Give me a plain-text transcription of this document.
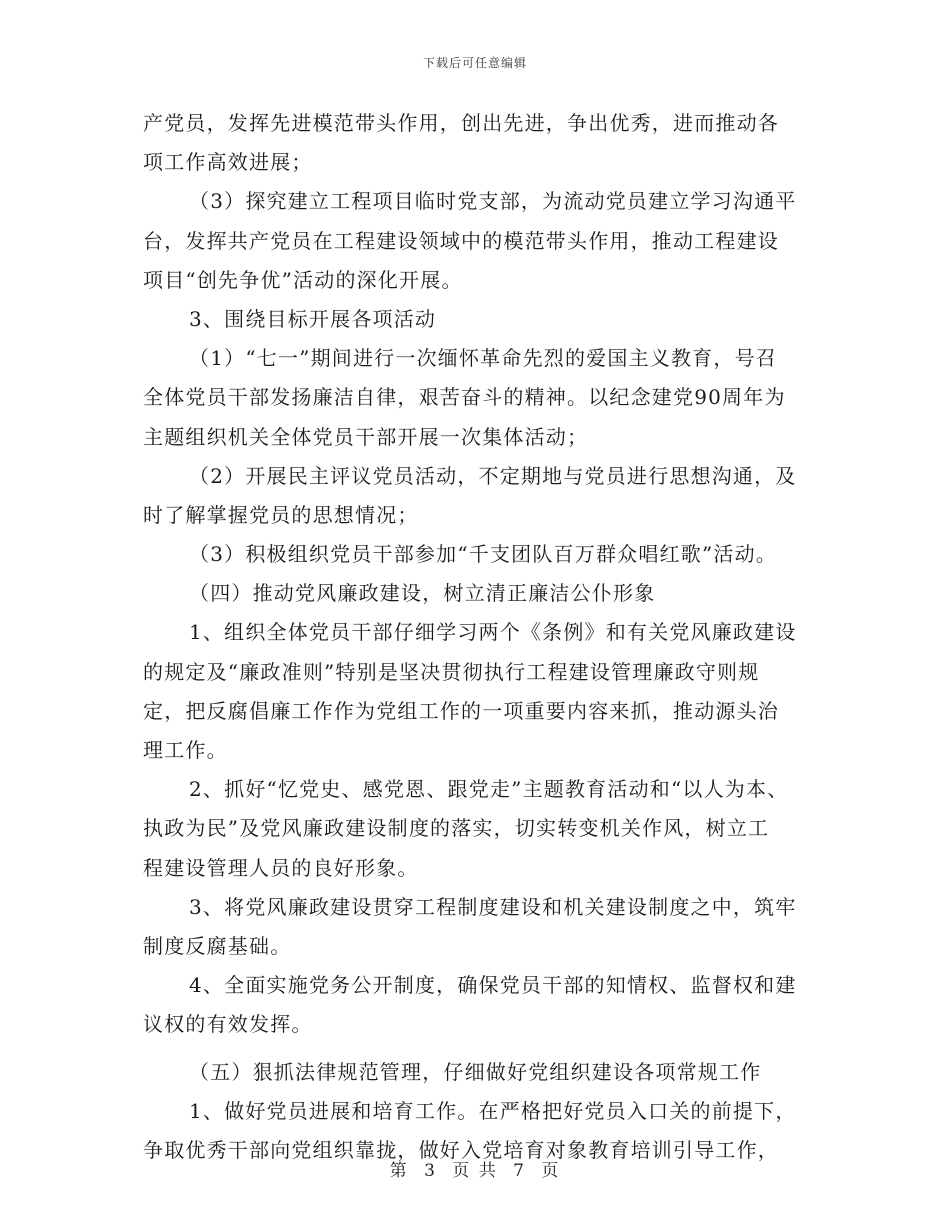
下载后可任意编辑
产党员，发挥先进模范带头作用，创出先进，争出优秀，进而推动各
项工作高效进展；
（3）探究建立工程项目临时党支部，为流动党员建立学习沟通平
台，发挥共产党员在工程建设领域中的模范带头作用，推动工程建设
项目“创先争优”活动的深化开展。
3、围绕目标开展各项活动
（1）“七一”期间进行一次缅怀革命先烈的爱国主义教育，号召
全体党员干部发扬廉洁自律，艰苦奋斗的精神。以纪念建党90周年为
主题组织机关全体党员干部开展一次集体活动；
（2）开展民主评议党员活动，不定期地与党员进行思想沟通，及
时了解掌握党员的思想情况；
（3）积极组织党员干部参加“千支团队百万群众唱红歌”活动。
（四）推动党风廉政建设，树立清正廉洁公仆形象
1、组织全体党员干部仔细学习两个《条例》和有关党风廉政建设
的规定及“廉政准则”特别是坚决贯彻执行工程建设管理廉政守则规
定，把反腐倡廉工作作为党组工作的一项重要内容来抓，推动源头治
理工作。
2、抓好“忆党史、感党恩、跟党走”主题教育活动和“以人为本、
执政为民”及党风廉政建设制度的落实，切实转变机关作风，树立工
程建设管理人员的良好形象。
3、将党风廉政建设贯穿工程制度建设和机关建设制度之中，筑牢
制度反腐基础。
4、全面实施党务公开制度，确保党员干部的知情权、监督权和建
议权的有效发挥。
（五）狠抓法律规范管理，仔细做好党组织建设各项常规工作
1、做好党员进展和培育工作。在严格把好党员入口关的前提下，
争取优秀干部向党组织靠拢，做好入党培育对象教育培训引导工作，
第 3 页 共 7 页
